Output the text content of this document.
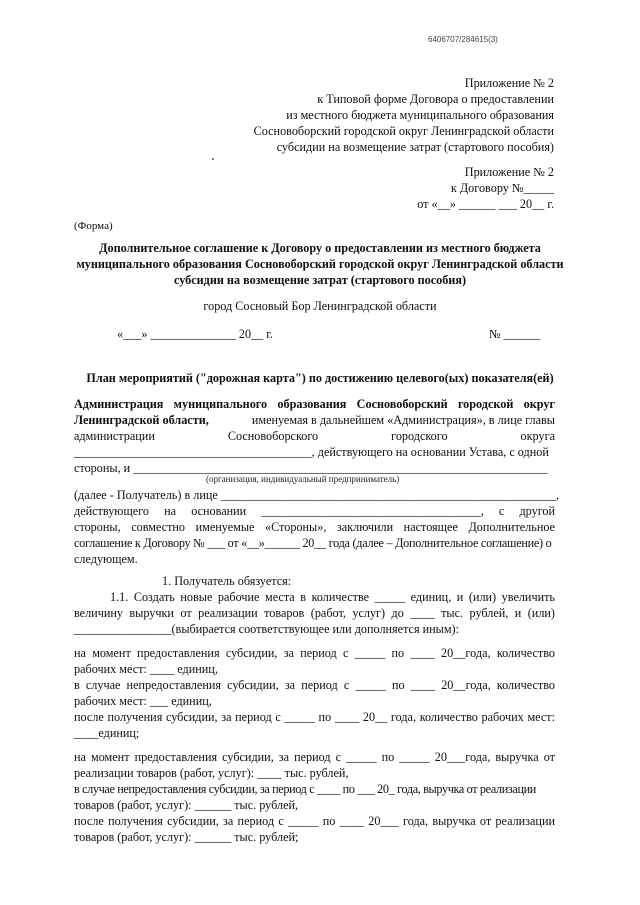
6406707/284615(3)
Приложение № 2
к Типовой форме Договора о предоставлении
из местного бюджета муниципального образования
Сосновоборский городской округ Ленинградской области
субсидии на возмещение затрат (стартового пособия)
Приложение № 2
к Договору №_____
от «__» ______ ___ 20__ г.
(Форма)
Дополнительное соглашение к Договору о предоставлении из местного бюджета
муниципального образования Сосновоборский городской округ Ленинградской области
субсидии на возмещение затрат (стартового пособия)
город Сосновый Бор Ленинградской области
«___» ______________ 20__ г.	№ ______
План мероприятий ("дорожная карта") по достижению целевого(ых) показателя(ей)
Администрация муниципального образования Сосновоборский городской округ
Ленинградской области,	именуемая в дальнейшем «Администрация», в лице главы
администрации	Сосновоборского	городского	округа
_______________________________________, действующего на основании Устава, с одной
стороны, и ____________________________________________________________________
(организация, индивидуальный предприниматель)
(далее - Получатель) в лице _______________________________________________________,
действующего на основании ____________________________________, с другой
стороны, совместно именуемые «Стороны», заключили настоящее Дополнительное
соглашение к Договору № ___ от «__»______ 20__ года (далее – Дополнительное соглашение) о
следующем.
1. Получатель обязуется:
1.1. Создать новые рабочие места в количестве _____ единиц, и (или) увеличить
величину выручки от реализации товаров (работ, услуг) до ____ тыс. рублей, и (или)
________________(выбирается соответствующее или дополняется иным):
на момент предоставления субсидии, за период с _____ по ____ 20__года, количество
рабочих мест: ____ единиц,
в случае непредоставления субсидии, за период с _____ по ____ 20__года, количество
рабочих мест: ___ единиц,
после получения субсидии, за период с _____ по ____ 20__ года, количество рабочих мест:
____единиц;
на момент предоставления субсидии, за период с _____ по _____ 20___года, выручка от
реализации товаров (работ, услуг): ____ тыс. рублей,
в случае непредоставления субсидии, за период с ____ по ___ 20_ года, выручка от реализации
товаров (работ, услуг): ______ тыс. рублей,
после получения субсидии, за период с _____ по ____ 20___ года, выручка от реализации
товаров (работ, услуг): ______ тыс. рублей;
